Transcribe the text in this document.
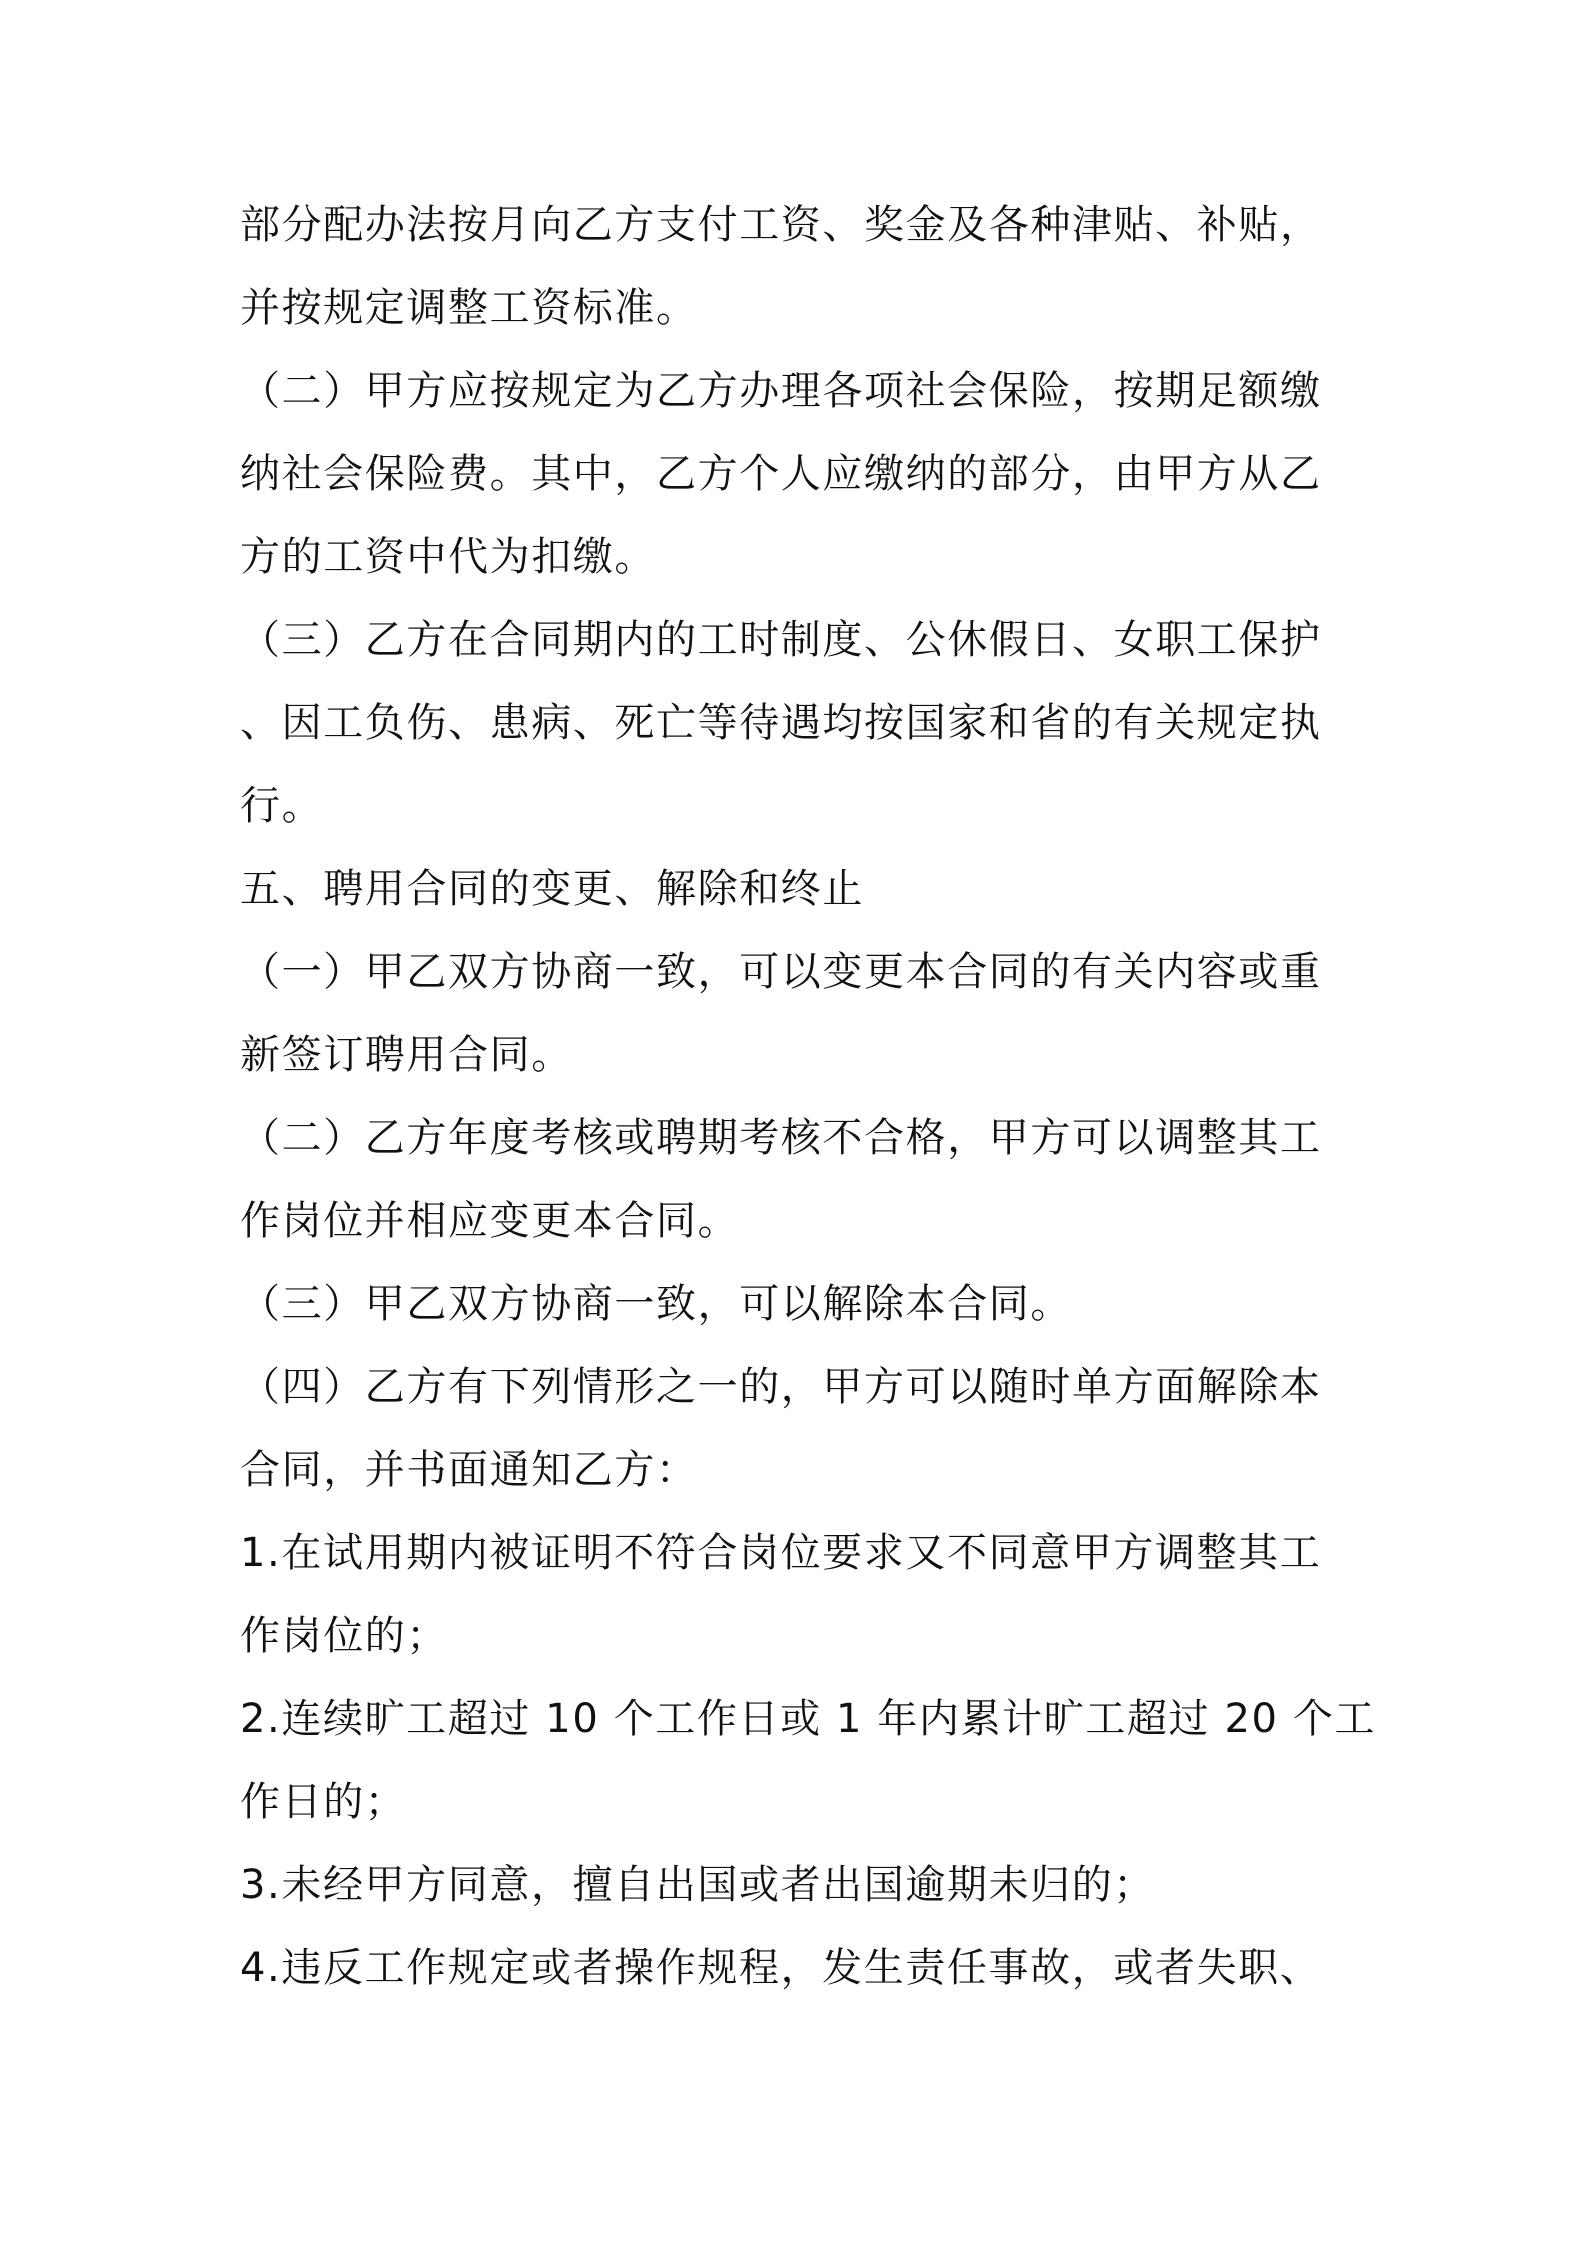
部分配办法按月向乙方支付工资、奖金及各种津贴、补贴，

并按规定调整工资标准。

（二）甲方应按规定为乙方办理各项社会保险，按期足额缴

纳社会保险费。其中，乙方个人应缴纳的部分，由甲方从乙

方的工资中代为扣缴。

（三）乙方在合同期内的工时制度、公休假日、女职工保护

、因工负伤、患病、死亡等待遇均按国家和省的有关规定执

行。

五、聘用合同的变更、解除和终止

（一）甲乙双方协商一致，可以变更本合同的有关内容或重

新签订聘用合同。

（二）乙方年度考核或聘期考核不合格，甲方可以调整其工

作岗位并相应变更本合同。

（三）甲乙双方协商一致，可以解除本合同。

（四）乙方有下列情形之一的，甲方可以随时单方面解除本

合同，并书面通知乙方：

1.在试用期内被证明不符合岗位要求又不同意甲方调整其工

作岗位的；

2.连续旷工超过 10 个工作日或 1 年内累计旷工超过 20 个工

作日的；

3.未经甲方同意，擅自出国或者出国逾期未归的；

4.违反工作规定或者操作规程，发生责任事故，或者失职、
